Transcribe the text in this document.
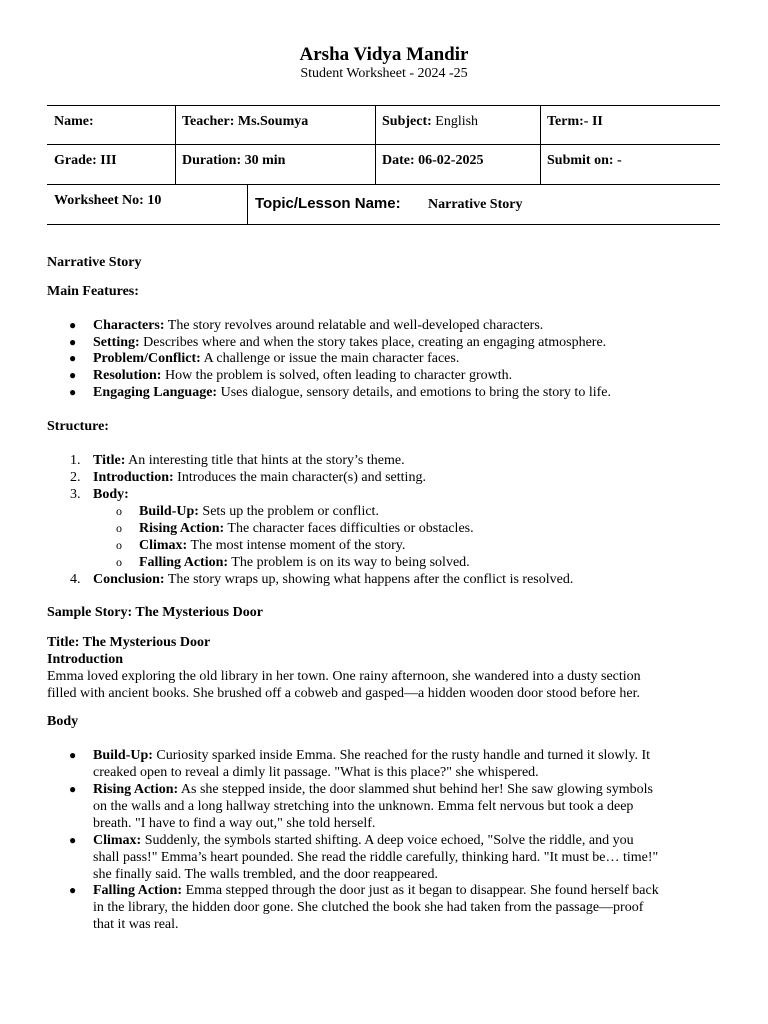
Arsha Vidya Mandir
Student Worksheet - 2024 -25
Name:	Teacher: Ms.Soumya	Subject: English	Term:- II
Grade: III	Duration: 30 min	Date: 06-02-2025	Submit on: -
Worksheet No: 10	Topic/Lesson Name: Narrative Story
Narrative Story
Main Features:
● Characters: The story revolves around relatable and well-developed characters.
● Setting: Describes where and when the story takes place, creating an engaging atmosphere.
● Problem/Conflict: A challenge or issue the main character faces.
● Resolution: How the problem is solved, often leading to character growth.
● Engaging Language: Uses dialogue, sensory details, and emotions to bring the story to life.
Structure:
1. Title: An interesting title that hints at the story’s theme.
2. Introduction: Introduces the main character(s) and setting.
3. Body:
o Build-Up: Sets up the problem or conflict.
o Rising Action: The character faces difficulties or obstacles.
o Climax: The most intense moment of the story.
o Falling Action: The problem is on its way to being solved.
4. Conclusion: The story wraps up, showing what happens after the conflict is resolved.
Sample Story: The Mysterious Door
Title: The Mysterious Door
Introduction
Emma loved exploring the old library in her town. One rainy afternoon, she wandered into a dusty section
filled with ancient books. She brushed off a cobweb and gasped—a hidden wooden door stood before her.
Body
● Build-Up: Curiosity sparked inside Emma. She reached for the rusty handle and turned it slowly. It
creaked open to reveal a dimly lit passage. "What is this place?" she whispered.
● Rising Action: As she stepped inside, the door slammed shut behind her! She saw glowing symbols
on the walls and a long hallway stretching into the unknown. Emma felt nervous but took a deep
breath. "I have to find a way out," she told herself.
● Climax: Suddenly, the symbols started shifting. A deep voice echoed, "Solve the riddle, and you
shall pass!" Emma’s heart pounded. She read the riddle carefully, thinking hard. "It must be… time!"
she finally said. The walls trembled, and the door reappeared.
● Falling Action: Emma stepped through the door just as it began to disappear. She found herself back
in the library, the hidden door gone. She clutched the book she had taken from the passage—proof
that it was real.
